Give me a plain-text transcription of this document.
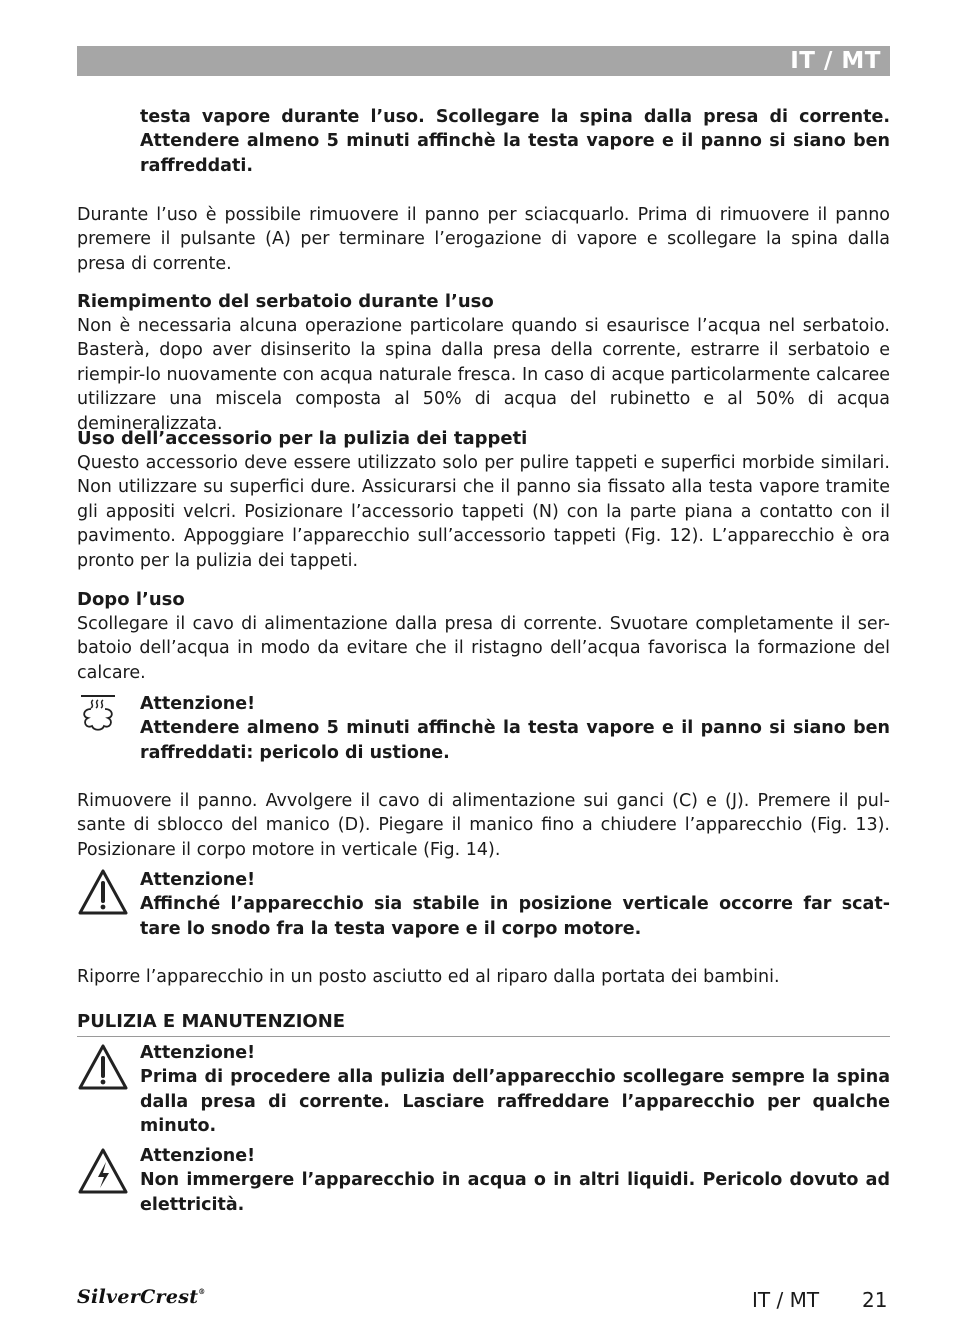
IT / MT

testa vapore durante l’uso. Scollegare la spina dalla presa di corrente. Attendere almeno 5 minuti affinchè la testa vapore e il panno si siano ben raffreddati.

Durante l’uso è possibile rimuovere il panno per sciacquarlo. Prima di rimuovere il panno premere il pulsante (A) per terminare l’erogazione di vapore e scollegare la spina dalla presa di corrente.

Riempimento del serbatoio durante l’uso

Non è necessaria alcuna operazione particolare quando si esaurisce l’acqua nel serbatoio. Basterà, dopo aver disinserito la spina dalla presa della corrente, estrarre il serbatoio e riempir-lo nuovamente con acqua naturale fresca. In caso di acque particolarmente calcaree utilizzare una miscela composta al 50% di acqua del rubinetto e al 50% di acqua demineralizzata.

Uso dell’accessorio per la pulizia dei tappeti

Questo accessorio deve essere utilizzato solo per pulire tappeti e superfici morbide similari. Non utilizzare su superfici dure. Assicurarsi che il panno sia fissato alla testa vapore tramite gli appositi velcri. Posizionare l’accessorio tappeti (N) con la parte piana a contatto con il pavimento. Appoggiare l’apparecchio sull’accessorio tappeti (Fig. 12). L’apparecchio è ora pronto per la pulizia dei tappeti.

Dopo l’uso

Scollegare il cavo di alimentazione dalla presa di corrente. Svuotare completamente il ser-batoio dell’acqua in modo da evitare che il ristagno dell’acqua favorisca la formazione del calcare.

Attenzione!

Attendere almeno 5 minuti affinchè la testa vapore e il panno si siano ben raffreddati: pericolo di ustione.

Rimuovere il panno. Avvolgere il cavo di alimentazione sui ganci (C) e (J). Premere il pul-sante di sblocco del manico (D). Piegare il manico fino a chiudere l’apparecchio (Fig. 13). Posizionare il corpo motore in verticale (Fig. 14).

Attenzione!

Affinché l’apparecchio sia stabile in posizione verticale occorre far scat-tare lo snodo fra la testa vapore e il corpo motore.

Riporre l’apparecchio in un posto asciutto ed al riparo dalla portata dei bambini.

PULIZIA E MANUTENZIONE

Attenzione!

Prima di procedere alla pulizia dell’apparecchio scollegare sempre la spina dalla presa di corrente. Lasciare raffreddare l’apparecchio per qualche minuto.

Attenzione!

Non immergere l’apparecchio in acqua o in altri liquidi. Pericolo dovuto ad elettricità.

SilverCrest®	IT / MT 21
